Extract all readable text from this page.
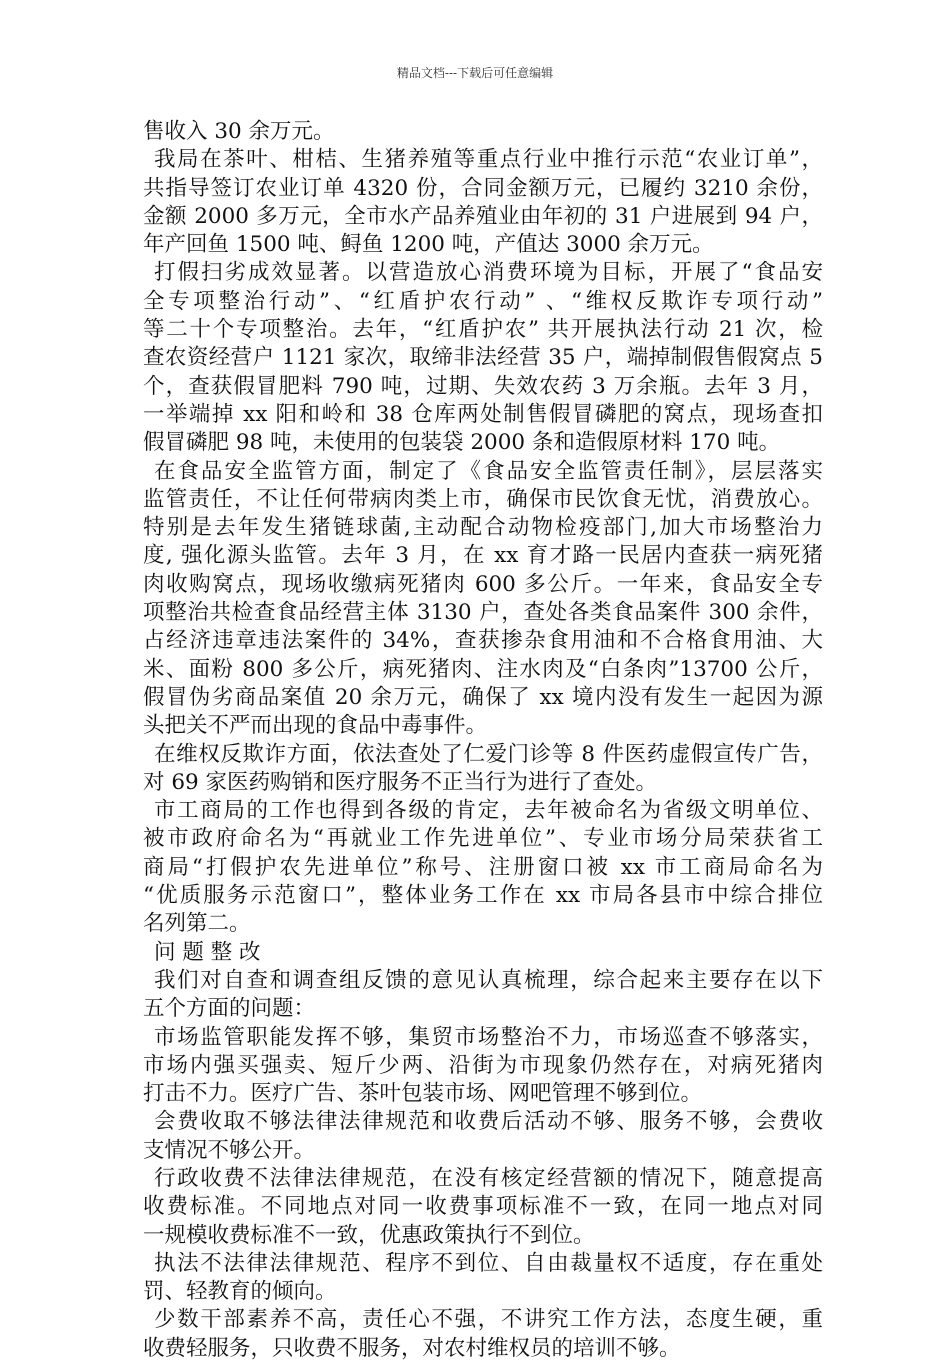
精品文档---下载后可任意编辑
售收入 30 余万元。
我局在茶叶、柑桔、生猪养殖等重点行业中推行示范“农业订单”，
共指导签订农业订单 4320 份，合同金额万元，已履约 3210 余份，
金额 2000 多万元，全市水产品养殖业由年初的 31 户进展到 94 户，
年产回鱼 1500 吨、鲟鱼 1200 吨，产值达 3000 余万元。
打假扫劣成效显著。以营造放心消费环境为目标，开展了“食品安
全专项整治行动”、“红盾护农行动” 、“维权反欺诈专项行动”
等二十个专项整治。去年，“红盾护农” 共开展执法行动 21 次，检
查农资经营户 1121 家次，取缔非法经营 35 户，端掉制假售假窝点 5
个，查获假冒肥料 790 吨，过期、失效农药 3 万余瓶。去年 3 月，
一举端掉 xx 阳和岭和 38 仓库两处制售假冒磷肥的窝点，现场查扣
假冒磷肥 98 吨，未使用的包装袋 2000 条和造假原材料 170 吨。
在食品安全监管方面，制定了《食品安全监管责任制》，层层落实
监管责任，不让任何带病肉类上市，确保市民饮食无忧，消费放心。
特别是去年发生猪链球菌,主动配合动物检疫部门,加大市场整治力
度, 强化源头监管。去年 3 月，在 xx 育才路一民居内查获一病死猪
肉收购窝点，现场收缴病死猪肉 600 多公斤。一年来，食品安全专
项整治共检查食品经营主体 3130 户，查处各类食品案件 300 余件，
占经济违章违法案件的 34%，查获掺杂食用油和不合格食用油、大
米、面粉 800 多公斤，病死猪肉、注水肉及“白条肉”13700 公斤，
假冒伪劣商品案值 20 余万元，确保了 xx 境内没有发生一起因为源
头把关不严而出现的食品中毒事件。
在维权反欺诈方面，依法查处了仁爱门诊等 8 件医药虚假宣传广告，
对 69 家医药购销和医疗服务不正当行为进行了查处。
市工商局的工作也得到各级的肯定，去年被命名为省级文明单位、
被市政府命名为“再就业工作先进单位”、专业市场分局荣获省工
商局“打假护农先进单位”称号、注册窗口被 xx 市工商局命名为
“优质服务示范窗口”，整体业务工作在 xx 市局各县市中综合排位
名列第二。
问 题 整 改
我们对自查和调查组反馈的意见认真梳理，综合起来主要存在以下
五个方面的问题：
市场监管职能发挥不够，集贸市场整治不力，市场巡查不够落实，
市场内强买强卖、短斤少两、沿街为市现象仍然存在，对病死猪肉
打击不力。医疗广告、茶叶包装市场、网吧管理不够到位。
会费收取不够法律法律规范和收费后活动不够、服务不够，会费收
支情况不够公开。
行政收费不法律法律规范，在没有核定经营额的情况下，随意提高
收费标准。不同地点对同一收费事项标准不一致，在同一地点对同
一规模收费标准不一致，优惠政策执行不到位。
执法不法律法律规范、程序不到位、自由裁量权不适度，存在重处
罚、轻教育的倾向。
少数干部素养不高，责任心不强，不讲究工作方法，态度生硬，重
收费轻服务，只收费不服务，对农村维权员的培训不够。
